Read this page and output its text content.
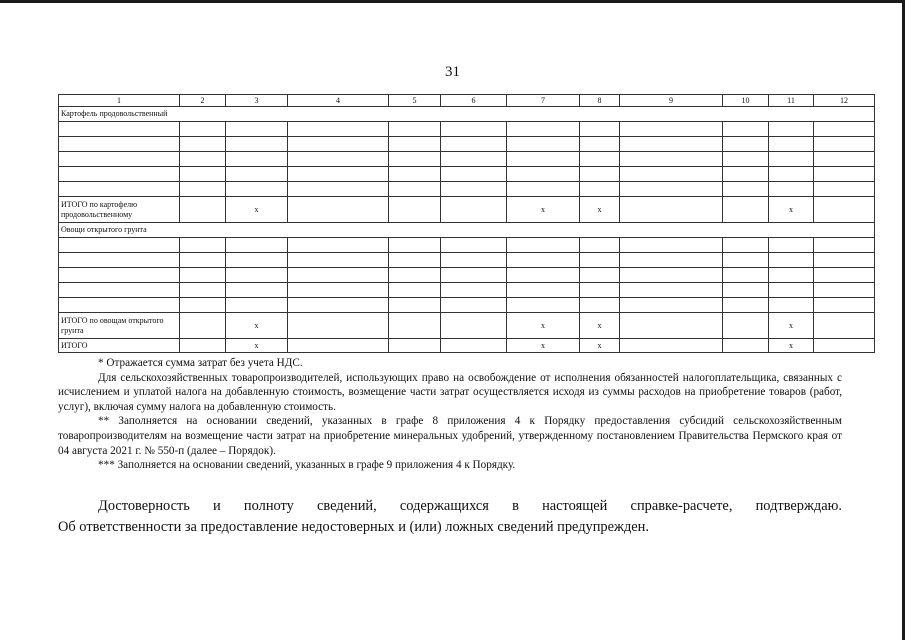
31
1	2	3	4	5	6	7	8	9	10	11	12
Картофель продовольственный											

ИТОГО по картофелю продовольственному		х				х	х			х	
Овощи открытого грунта											

ИТОГО по овощам открытого грунта		х				х	х			х	
ИТОГО		х				х	х			х	

* Отражается сумма затрат без учета НДС.

Для сельскохозяйственных товаропроизводителей, использующих право на освобождение от исполнения обязанностей налогоплательщика, связанных с исчислением и уплатой налога на добавленную стоимость, возмещение части затрат осуществляется исходя из суммы расходов на приобретение товаров (работ, услуг), включая сумму налога на добавленную стоимость.

** Заполняется на основании сведений, указанных в графе 8 приложения 4 к Порядку предоставления субсидий сельскохозяйственным товаропроизводителям на возмещение части затрат на приобретение минеральных удобрений, утвержденному постановлением Правительства Пермского края от 04 августа 2021 г. № 550-п (далее – Порядок).

*** Заполняется на основании сведений, указанных в графе 9 приложения 4 к Порядку.

Достоверность и полноту сведений, содержащихся в настоящей справке-расчете, подтверждаю.

Об ответственности за предоставление недостоверных и (или) ложных сведений предупрежден.
